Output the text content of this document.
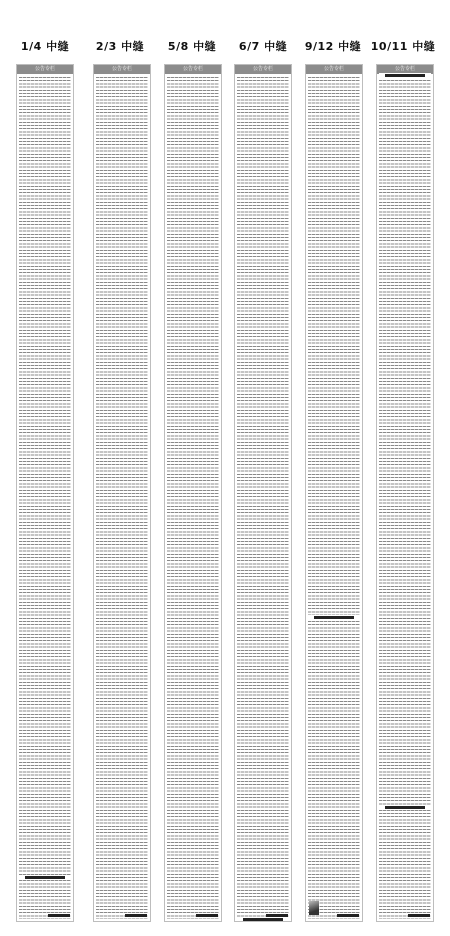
1/4 中缝
公告专栏
2/3 中缝
公告专栏
5/8 中缝
公告专栏
6/7 中缝
公告专栏
9/12 中缝
公告专栏
10/11 中缝
公告专栏
